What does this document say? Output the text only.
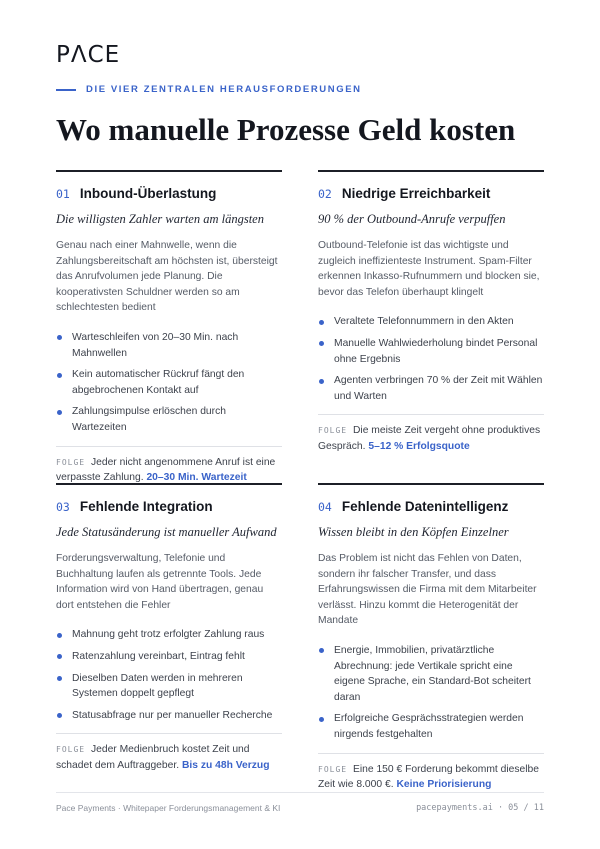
PΛCE
DIE VIER ZENTRALEN HERAUSFORDERUNGEN
Wo manuelle Prozesse Geld kosten
01 Inbound-Überlastung
Die willigsten Zahler warten am längsten

Genau nach einer Mahnwelle, wenn die Zahlungsbereitschaft am höchsten ist, übersteigt das Anrufvolumen jede Planung. Die kooperativsten Schuldner werden so am schlechtesten bedient

Warteschleifen von 20–30 Min. nach Mahnwellen
Kein automatischer Rückruf fängt den abgebrochenen Kontakt auf
Zahlungsimpulse erlöschen durch Wartezeiten
FOLGE Jeder nicht angenommene Anruf ist eine verpasste Zahlung. 20–30 Min. Wartezeit
02 Niedrige Erreichbarkeit
90 % der Outbound-Anrufe verpuffen

Outbound-Telefonie ist das wichtigste und zugleich ineffizienteste Instrument. Spam-Filter erkennen Inkasso-Rufnummern und blocken sie, bevor das Telefon überhaupt klingelt

Veraltete Telefonnummern in den Akten
Manuelle Wahlwiederholung bindet Personal ohne Ergebnis
Agenten verbringen 70 % der Zeit mit Wählen und Warten
FOLGE Die meiste Zeit vergeht ohne produktives Gespräch. 5–12 % Erfolgsquote
03 Fehlende Integration
Jede Statusänderung ist manueller Aufwand

Forderungsverwaltung, Telefonie und Buchhaltung laufen als getrennte Tools. Jede Information wird von Hand übertragen, genau dort entstehen die Fehler

Mahnung geht trotz erfolgter Zahlung raus
Ratenzahlung vereinbart, Eintrag fehlt
Dieselben Daten werden in mehreren Systemen doppelt gepflegt
Statusabfrage nur per manueller Recherche
FOLGE Jeder Medienbruch kostet Zeit und schadet dem Auftraggeber. Bis zu 48h Verzug
04 Fehlende Datenintelligenz
Wissen bleibt in den Köpfen Einzelner

Das Problem ist nicht das Fehlen von Daten, sondern ihr falscher Transfer, und dass Erfahrungswissen die Firma mit dem Mitarbeiter verlässt. Hinzu kommt die Heterogenität der Mandate

Energie, Immobilien, privatärztliche Abrechnung: jede Vertikale spricht eine eigene Sprache, ein Standard-Bot scheitert daran
Erfolgreiche Gesprächsstrategien werden nirgends festgehalten
FOLGE Eine 150 € Forderung bekommt dieselbe Zeit wie 8.000 €. Keine Priorisierung
Pace Payments · Whitepaper Forderungsmanagement & KI	pacepayments.ai · 05 / 11
